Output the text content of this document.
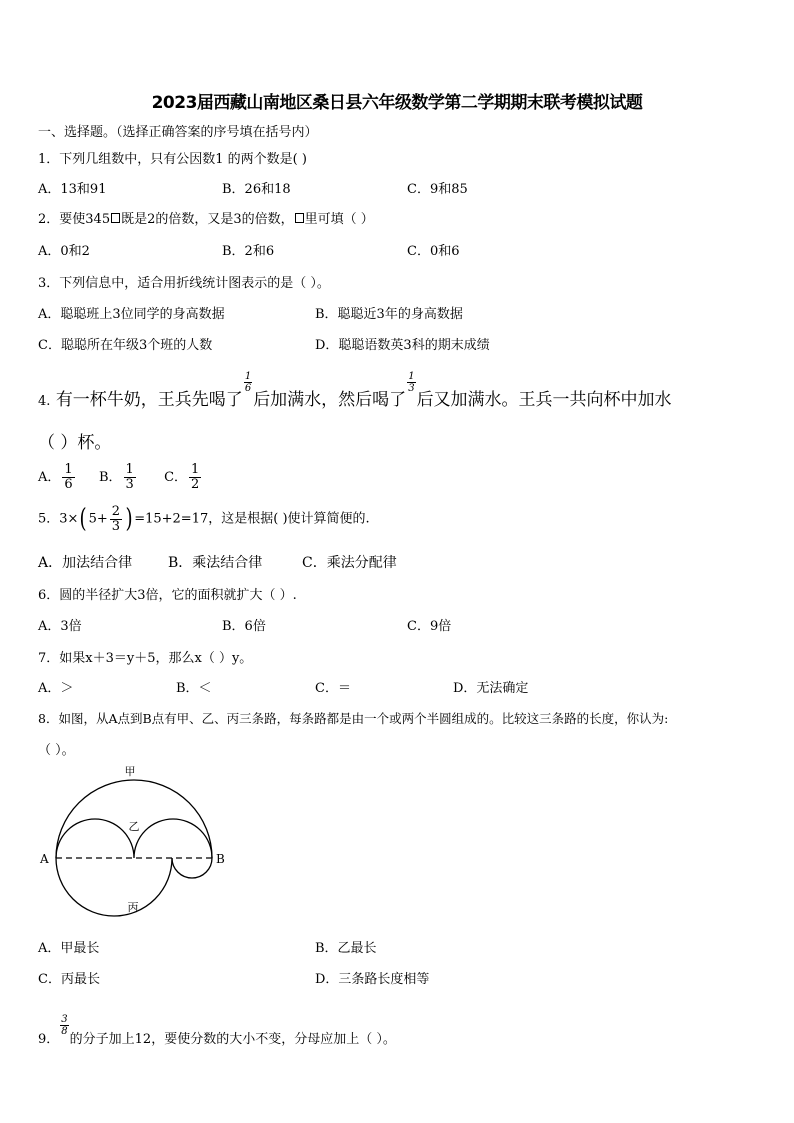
2023届西藏山南地区桑日县六年级数学第二学期期末联考模拟试题
一、选择题。（选择正确答案的序号填在括号内）
1．下列几组数中，只有公因数1 的两个数是( )
A．13和91	B．26和18	C．9和85
2．要使345 既是2的倍数，又是3的倍数， 里可填（ ）
A．0和2	B．2和6	C．0和6
3．下列信息中，适合用折线统计图表示的是（ ）。
A．聪聪班上3位同学的身高数据	B．聪聪近3年的身高数据
C．聪聪所在年级3个班的人数	D．聪聪语数英3科的期末成绩
4. 有一杯牛奶，王兵先喝了
$\frac{1}{6}$
后加满水，然后喝了
$\frac{1}{3}$
后又加满水。王兵一共向杯中加水
（ ）杯。
A． $\frac{1}{6}$ B． $\frac{1}{3}$ C． $\frac{1}{2}$
5．3×( $5+ \frac{2}{3}$ ) =15+2=17，这是根据( )使计算简便的.
A．加法结合律	B．乘法结合律	C．乘法分配律
6．圆的半径扩大3倍，它的面积就扩大（ ）.
A．3倍	B．6倍	C．9倍
7．如果x＋3＝y＋5，那么x（ ）y。
A．＞	B．＜	C．＝	D．无法确定
8．如图，从A点到B点有甲、乙、丙三条路，每条路都是由一个或两个半圆组成的。比较这三条路的长度，你认为:
（ ）。
甲
乙
丙
A	B
A．甲最长	B．乙最长
C．丙最长	D．三条路长度相等
9．
$\frac{3}{8}$
的分子加上12，要使分数的大小不变，分母应加上（ ）。
